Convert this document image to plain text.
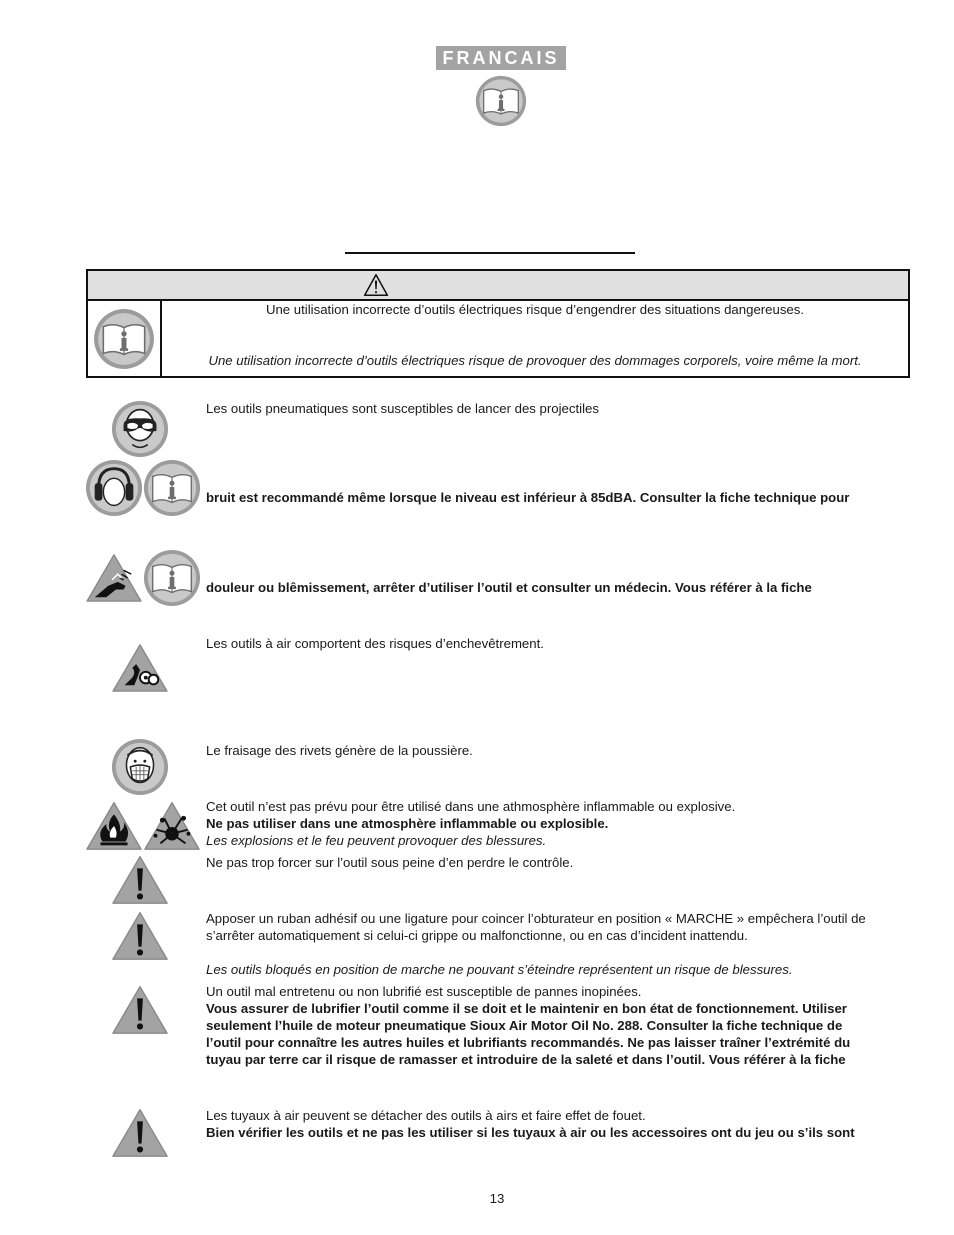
FRANCAIS
Une utilisation incorrecte d’outils électriques risque d’engendrer des situations dangereuses.
Une utilisation incorrecte d’outils électriques risque de provoquer des dommages corporels, voire même la mort.
Les outils pneumatiques sont susceptibles de lancer des projectiles
bruit est recommandé même lorsque le niveau est inférieur à 85dBA. Consulter la fiche technique pour
douleur ou blêmissement, arrêter d’utiliser l’outil et consulter un médecin. Vous référer à la fiche
Les outils à air comportent des risques d’enchevêtrement.
Le fraisage des rivets génère de la poussière.
Cet outil n’est pas prévu pour être utilisé dans une athmosphère inflammable ou explosive.
Ne pas utiliser dans une atmosphère inflammable ou explosible.
Les explosions et le feu peuvent provoquer des blessures.
Ne pas trop forcer sur l’outil sous peine d’en perdre le contrôle.
Apposer un ruban adhésif ou une ligature pour coincer l’obturateur en position « MARCHE » empêchera l’outil de
s’arrêter automatiquement si celui-ci grippe ou malfonctionne, ou en cas d’incident inattendu.
Les outils bloqués en position de marche ne pouvant s’éteindre représentent un risque de blessures.
Un outil mal entretenu ou non lubrifié est susceptible de pannes inopinées.
Vous assurer de lubrifier l’outil comme il se doit et le maintenir en bon état de fonctionnement. Utiliser
seulement l’huile de moteur pneumatique Sioux Air Motor Oil No. 288. Consulter la fiche technique de
l’outil pour connaître les autres huiles et lubrifiants recommandés. Ne pas laisser traîner l’extrémité du
tuyau par terre car il risque de ramasser et introduire de la saleté et dans l’outil. Vous référer à la fiche
Les tuyaux à air peuvent se détacher des outils à airs et faire effet de fouet.
Bien vérifier les outils et ne pas les utiliser si les tuyaux à air ou les accessoires ont du jeu ou s’ils sont
13
